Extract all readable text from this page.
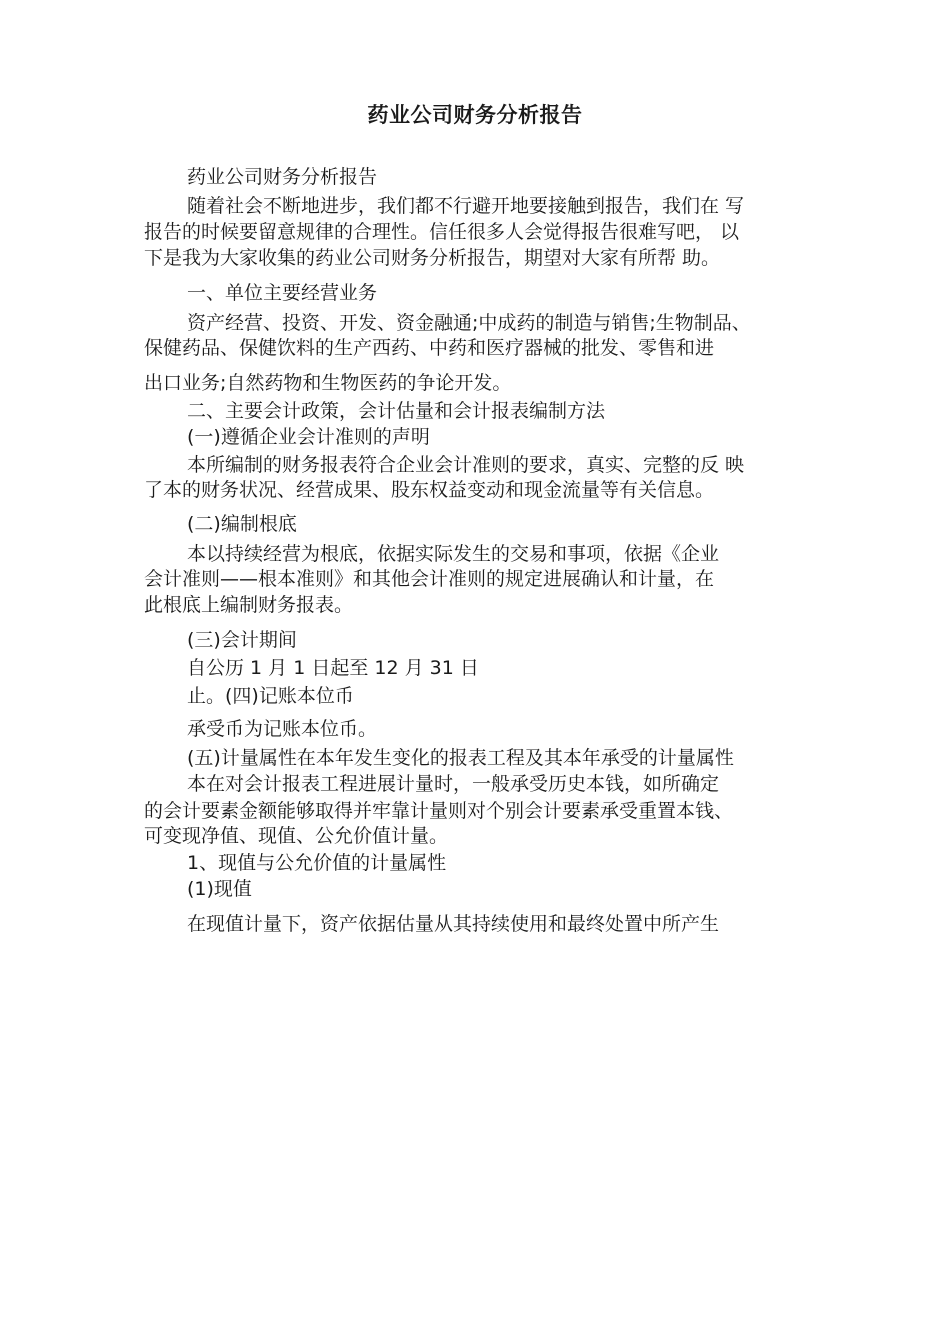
药业公司财务分析报告
药业公司财务分析报告
随着社会不断地进步，我们都不行避开地要接触到报告，我们在 写
报告的时候要留意规律的合理性。信任很多人会觉得报告很难写吧， 以
下是我为大家收集的药业公司财务分析报告，期望对大家有所帮 助。
一、单位主要经营业务
资产经营、投资、开发、资金融通;中成药的制造与销售;生物制品、
保健药品、保健饮料的生产西药、中药和医疗器械的批发、零售和进
出口业务;自然药物和生物医药的争论开发。
二、主要会计政策，会计估量和会计报表编制方法
(一)遵循企业会计准则的声明
本所编制的财务报表符合企业会计准则的要求，真实、完整的反 映
了本的财务状况、经营成果、股东权益变动和现金流量等有关信息。
(二)编制根底
本以持续经营为根底，依据实际发生的交易和事项，依据《企业
会计准则——根本准则》和其他会计准则的规定进展确认和计量，在
此根底上编制财务报表。
(三)会计期间
自公历 1 月 1 日起至 12 月 31 日
止。(四)记账本位币
承受币为记账本位币。
(五)计量属性在本年发生变化的报表工程及其本年承受的计量属性
本在对会计报表工程进展计量时，一般承受历史本钱，如所确定
的会计要素金额能够取得并牢靠计量则对个别会计要素承受重置本钱、
可变现净值、现值、公允价值计量。
1、现值与公允价值的计量属性
(1)现值
在现值计量下，资产依据估量从其持续使用和最终处置中所产生
